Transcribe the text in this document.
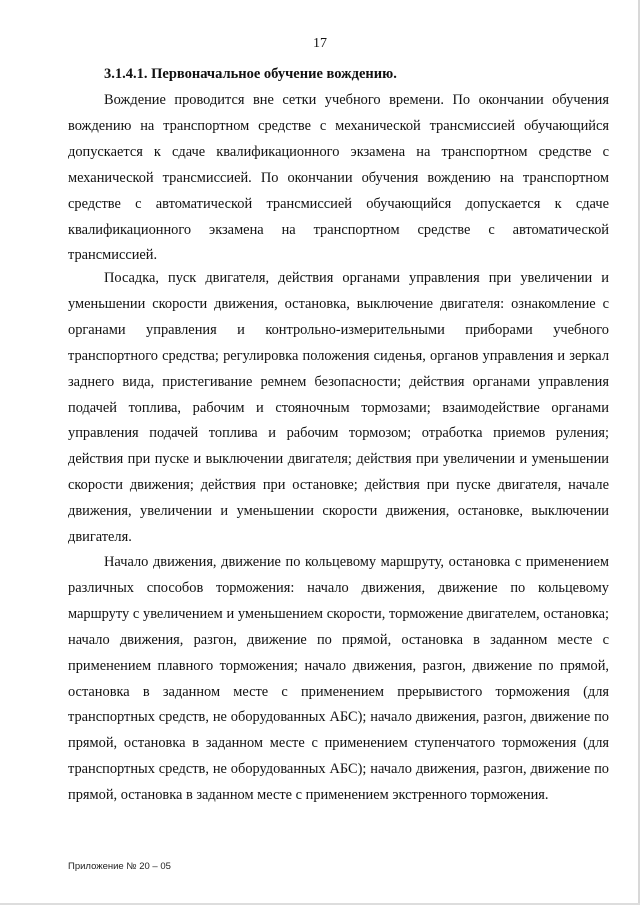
17
3.1.4.1. Первоначальное обучение вождению.

Вождение проводится вне сетки учебного времени. По окончании обучения вождению на транспортном средстве с механической трансмиссией обучающийся допускается к сдаче квалификационного экзамена на транспортном средстве с механической трансмиссией. По окончании обучения вождению на транспортном средстве с автоматической трансмиссией обучающийся допускается к сдаче квалификационного экзамена на транспортном средстве с автоматической трансмиссией.

Посадка, пуск двигателя, действия органами управления при увеличении и уменьшении скорости движения, остановка, выключение двигателя: ознакомление с органами управления и контрольно-измерительными приборами учебного транспортного средства; регулировка положения сиденья, органов управления и зеркал заднего вида, пристегивание ремнем безопасности; действия органами управления подачей топлива, рабочим и стояночным тормозами; взаимодействие органами управления подачей топлива и рабочим тормозом; отработка приемов руления; действия при пуске и выключении двигателя; действия при увеличении и уменьшении скорости движения; действия при остановке; действия при пуске двигателя, начале движения, увеличении и уменьшении скорости движения, остановке, выключении двигателя.

Начало движения, движение по кольцевому маршруту, остановка с применением различных способов торможения: начало движения, движение по кольцевому маршруту с увеличением и уменьшением скорости, торможение двигателем, остановка; начало движения, разгон, движение по прямой, остановка в заданном месте с применением плавного торможения; начало движения, разгон, движение по прямой, остановка в заданном месте с применением прерывистого торможения (для транспортных средств, не оборудованных АБС); начало движения, разгон, движение по прямой, остановка в заданном месте с применением ступенчатого торможения (для транспортных средств, не оборудованных АБС); начало движения, разгон, движение по прямой, остановка в заданном месте с применением экстренного торможения.

Приложение № 20 – 05
